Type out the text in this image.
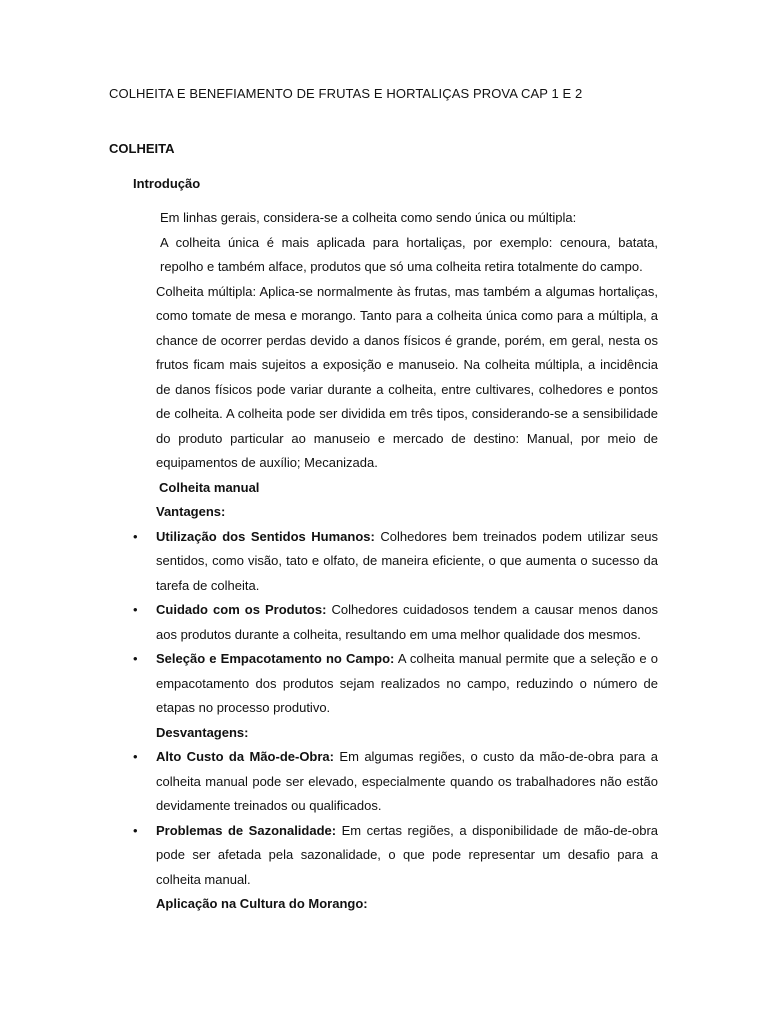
COLHEITA E BENEFIAMENTO DE FRUTAS E HORTALIÇAS PROVA CAP 1 E 2
COLHEITA
Introdução

Em linhas gerais, considera-se a colheita como sendo única ou múltipla:

A colheita única é mais aplicada para hortaliças, por exemplo: cenoura, batata, repolho e também alface, produtos que só uma colheita retira totalmente do campo.

Colheita múltipla: Aplica-se normalmente às frutas, mas também a algumas hortaliças, como tomate de mesa e morango. Tanto para a colheita única como para a múltipla, a chance de ocorrer perdas devido a danos físicos é grande, porém, em geral, nesta os frutos ficam mais sujeitos a exposição e manuseio. Na colheita múltipla, a incidência de danos físicos pode variar durante a colheita, entre cultivares, colhedores e pontos de colheita. A colheita pode ser dividida em três tipos, considerando-se a sensibilidade do produto particular ao manuseio e mercado de destino: Manual, por meio de equipamentos de auxílio; Mecanizada.

Colheita manual

Vantagens:

• Utilização dos Sentidos Humanos: Colhedores bem treinados podem utilizar seus sentidos, como visão, tato e olfato, de maneira eficiente, o que aumenta o sucesso da tarefa de colheita.
• Cuidado com os Produtos: Colhedores cuidadosos tendem a causar menos danos aos produtos durante a colheita, resultando em uma melhor qualidade dos mesmos.
• Seleção e Empacotamento no Campo: A colheita manual permite que a seleção e o empacotamento dos produtos sejam realizados no campo, reduzindo o número de etapas no processo produtivo.

Desvantagens:

• Alto Custo da Mão-de-Obra: Em algumas regiões, o custo da mão-de-obra para a colheita manual pode ser elevado, especialmente quando os trabalhadores não estão devidamente treinados ou qualificados.
• Problemas de Sazonalidade: Em certas regiões, a disponibilidade de mão-de-obra pode ser afetada pela sazonalidade, o que pode representar um desafio para a colheita manual.

Aplicação na Cultura do Morango:
